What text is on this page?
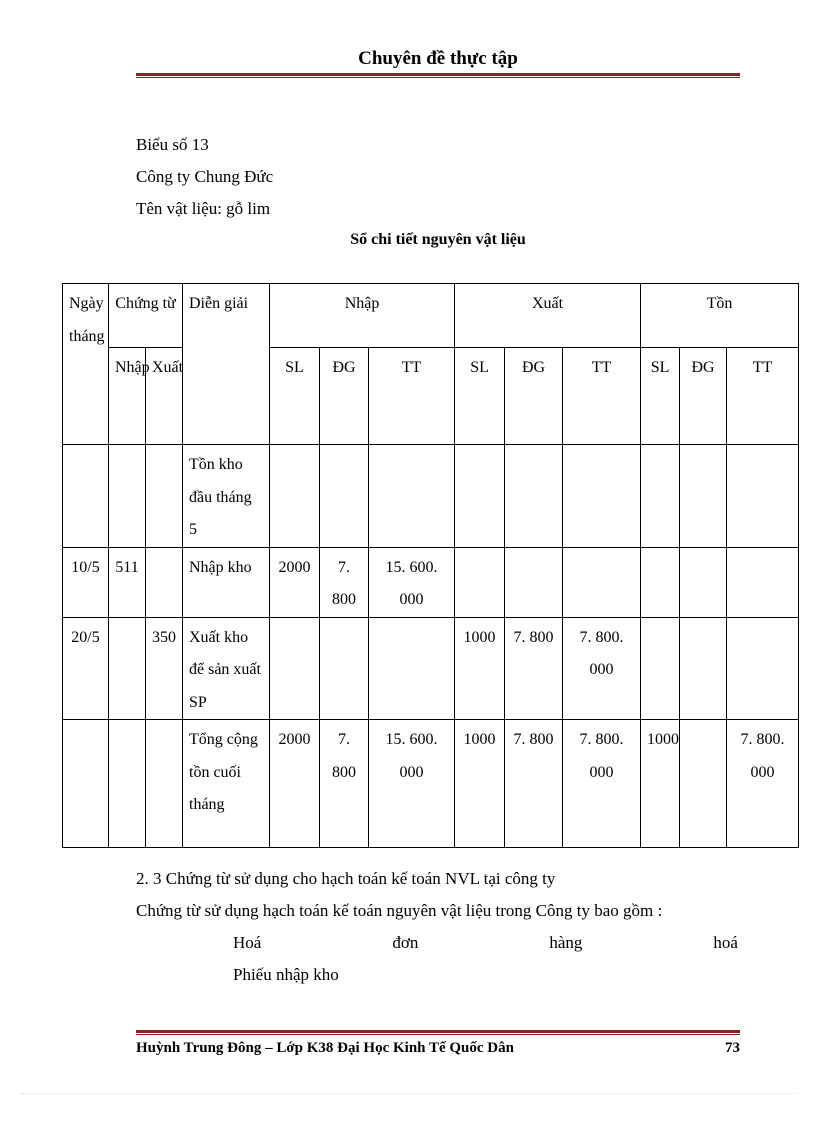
Chuyên đề thực tập
Biểu số 13
Công ty Chung Đức
Tên vật liệu: gỗ lim
Sổ chi tiết nguyên vật liệu
Ngày tháng	Chứng từ		Diễn giải	Nhập			Xuất			Tồn		
	Nhập	Xuất		SL	ĐG	TT	SL	ĐG	TT	SL	ĐG	TT
			Tồn kho đầu tháng 5									
10/5	511		Nhập kho	2000	7. 800	15. 600. 000						
20/5		350	Xuất kho để sản xuất SP				1000	7. 800	7. 800. 000			
			Tổng cộng tồn cuối tháng	2000	7. 800	15. 600. 000	1000	7. 800	7. 800. 000	1000		7. 800. 000
2. 3 Chứng từ sử dụng cho hạch toán kế toán NVL tại công ty
Chứng từ sử dụng hạch toán kế toán nguyên vật liệu trong Công ty bao gồm :
Hoá	đơn	hàng	hoá
Phiếu nhập kho
Huỳnh Trung Đông – Lớp K38 Đại Học Kinh Tế Quốc Dân	73
